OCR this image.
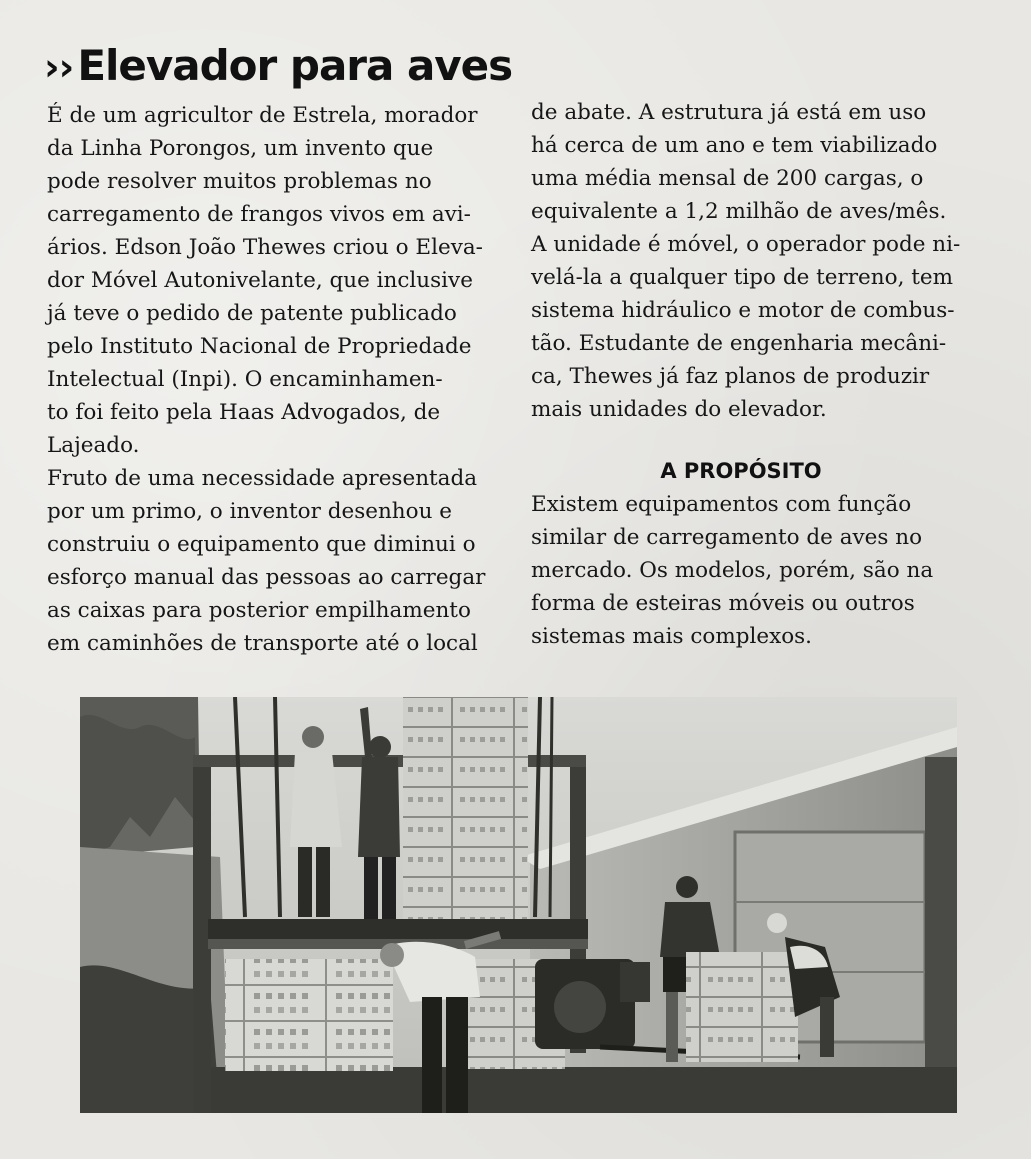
››Elevador para aves

É de um agricultor de Estrela, morador
da Linha Porongos, um invento que
pode resolver muitos problemas no
carregamento de frangos vivos em avi-
ários. Edson João Thewes criou o Eleva-
dor Móvel Autonivelante, que inclusive
já teve o pedido de patente publicado
pelo Instituto Nacional de Propriedade
Intelectual (Inpi). O encaminhamen-
to foi feito pela Haas Advogados, de
Lajeado.

Fruto de uma necessidade apresentada
por um primo, o inventor desenhou e
construiu o equipamento que diminui o
esforço manual das pessoas ao carregar
as caixas para posterior empilhamento
em caminhões de transporte até o local

de abate. A estrutura já está em uso
há cerca de um ano e tem viabilizado
uma média mensal de 200 cargas, o
equivalente a 1,2 milhão de aves/mês.
A unidade é móvel, o operador pode ni-
velá-la a qualquer tipo de terreno, tem
sistema hidráulico e motor de combus-
tão. Estudante de engenharia mecâni-
ca, Thewes já faz planos de produzir
mais unidades do elevador.

A PROPÓSITO

Existem equipamentos com função
similar de carregamento de aves no
mercado. Os modelos, porém, são na
forma de esteiras móveis ou outros
sistemas mais complexos.
